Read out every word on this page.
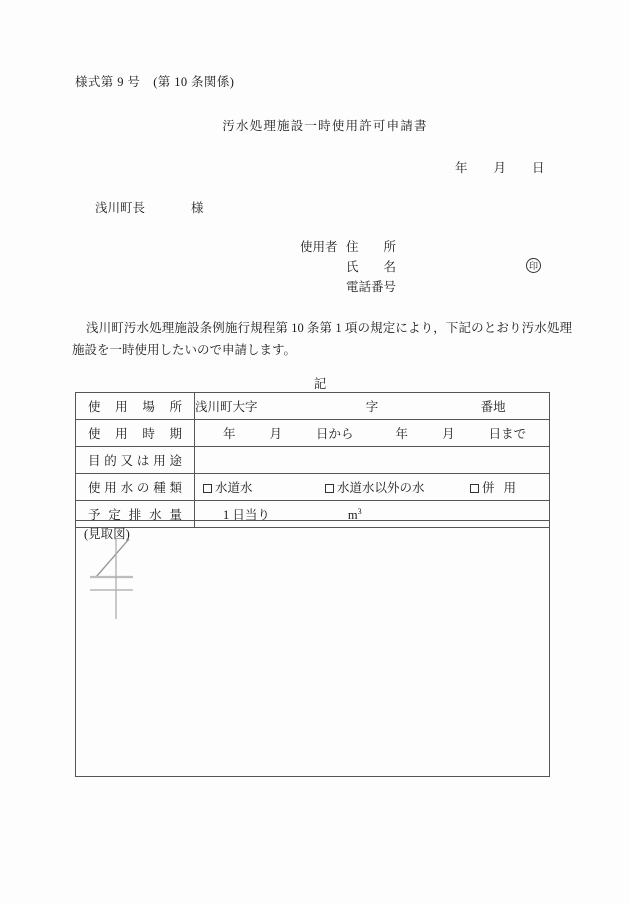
様式第 9 号　(第 10 条関係)
汚水処理施設一時使用許可申請書
年 月 日
浅川町長	様
使用者 住　　所
氏　　名	印
電話番号
浅川町汚水処理施設条例施行規程第 10 条第 1 項の規定により，下記のとおり汚水処理施設を一時使用したいので申請します。
記
使 用 場 所	浅川町大字 字 番地

使 用 時 期	年 月 日から 年 月 日まで

目 的 又 は 用 途

使 用 水 の 種 類	水道水	水道水以外の水	併 用

予 定 排 水 量	1 日当り $m^3$
(見取図)
